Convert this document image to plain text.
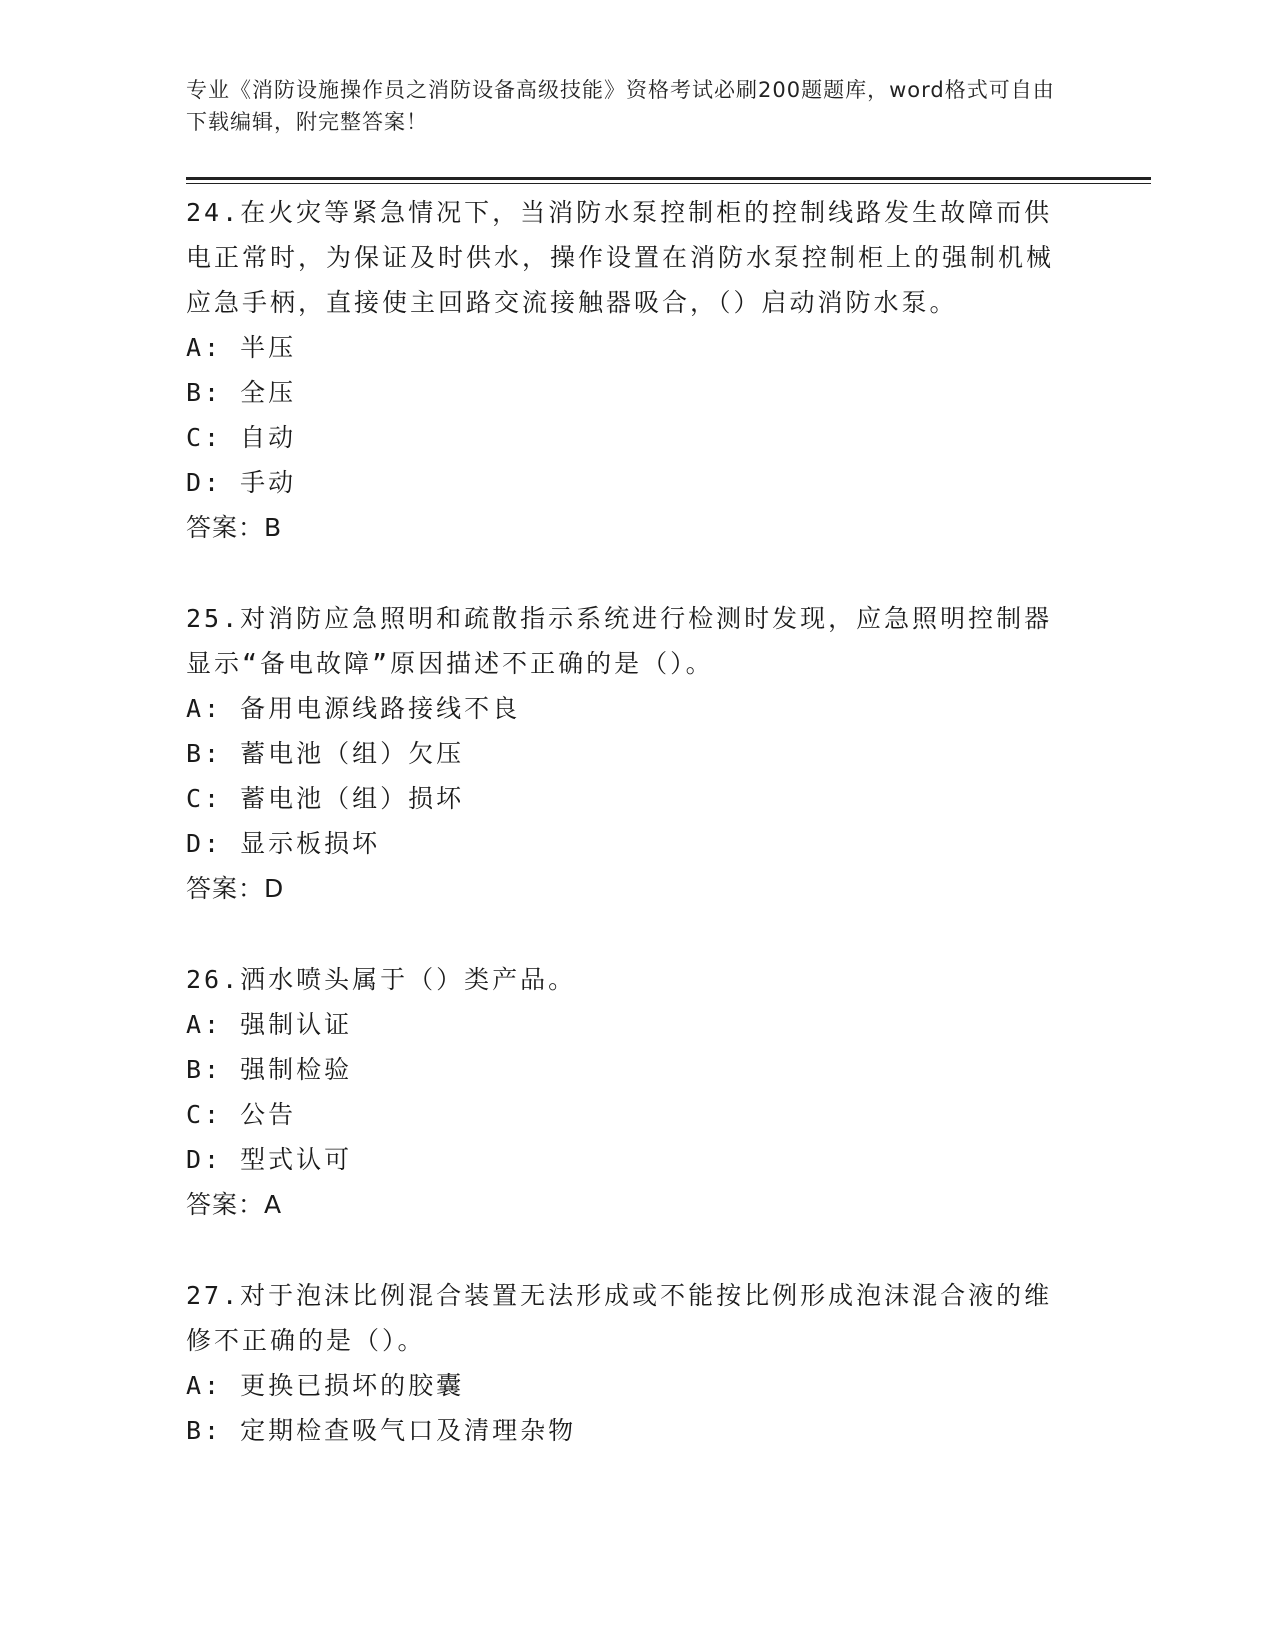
专业《消防设施操作员之消防设备高级技能》资格考试必刷200题题库，word格式可自由下载编辑，附完整答案！

24.在火灾等紧急情况下，当消防水泵控制柜的控制线路发生故障而供电正常时，为保证及时供水，操作设置在消防水泵控制柜上的强制机械应急手柄，直接使主回路交流接触器吸合，（）启动消防水泵。

A: 半压

B: 全压

C: 自动

D: 手动

答案：B

25.对消防应急照明和疏散指示系统进行检测时发现，应急照明控制器显示“备电故障”原因描述不正确的是（）。

A: 备用电源线路接线不良

B: 蓄电池（组）欠压

C: 蓄电池（组）损坏

D: 显示板损坏

答案：D

26.洒水喷头属于（）类产品。

A: 强制认证

B: 强制检验

C: 公告

D: 型式认可

答案：A

27.对于泡沫比例混合装置无法形成或不能按比例形成泡沫混合液的维修不正确的是（）。

A: 更换已损坏的胶囊

B: 定期检查吸气口及清理杂物
